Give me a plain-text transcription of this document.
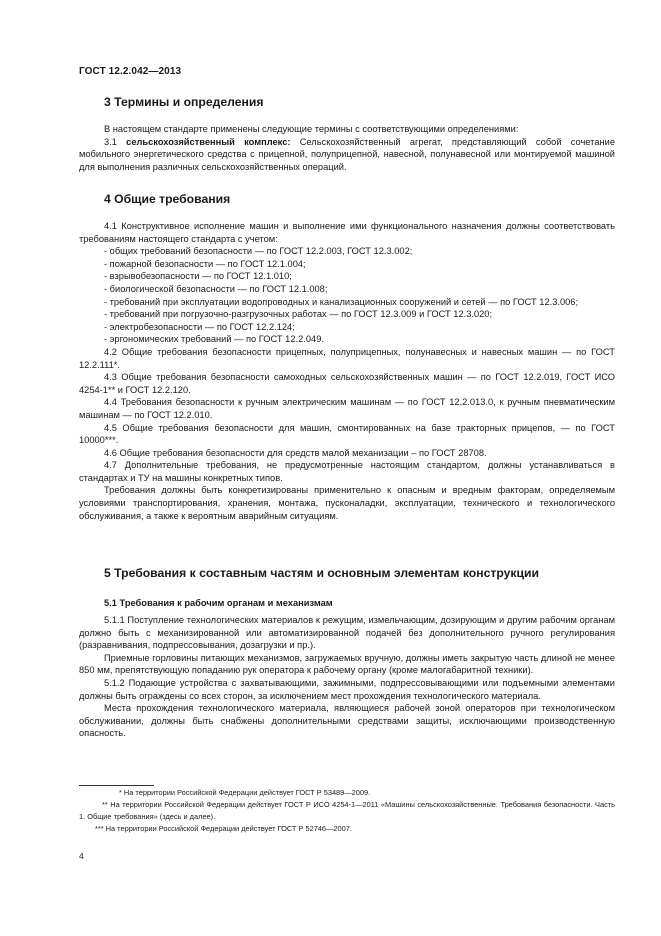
ГОСТ 12.2.042—2013
3 Термины и определения

В настоящем стандарте применены следующие термины с соответствующими определениями:

3.1 сельскохозяйственный комплекс: Сельскохозяйственный агрегат, представляющий собой сочетание мобильного энергетического средства с прицепной, полуприцепной, навесной, полунавесной или монтируемой машиной для выполнения различных сельскохозяйственных операций.

4 Общие требования

4.1 Конструктивное исполнение машин и выполнение ими функционального назначения должны соответствовать требованиям настоящего стандарта с учетом:

- общих требований безопасности — по ГОСТ 12.2.003, ГОСТ 12.3.002;

- пожарной безопасности — по ГОСТ 12.1.004;

- взрывобезопасности — по ГОСТ 12.1.010;

- биологической безопасности — по ГОСТ 12.1.008;

- требований при эксплуатации водопроводных и канализационных сооружений и сетей — по ГОСТ 12.3.006;

- требований при погрузочно-разгрузочных работах — по ГОСТ 12.3.009 и ГОСТ 12.3.020;

- электробезопасности — по ГОСТ 12.2.124;

- эргономических требований — по ГОСТ 12.2.049.

4.2 Общие требования безопасности прицепных, полуприцепных, полунавесных и навесных машин — по ГОСТ 12.2.111*.

4.3 Общие требования безопасности самоходных сельскохозяйственных машин — по ГОСТ 12.2.019, ГОСТ ИСО 4254-1** и ГОСТ 12.2.120.

4.4 Требования безопасности к ручным электрическим машинам — по ГОСТ 12.2.013.0, к ручным пневматическим машинам — по ГОСТ 12.2.010.

4.5 Общие требования безопасности для машин, смонтированных на базе тракторных прицепов, — по ГОСТ 10000***.

4.6 Общие требования безопасности для средств малой механизации – по ГОСТ 28708.

4.7 Дополнительные требования, не предусмотренные настоящим стандартом, должны устанавливаться в стандартах и ТУ на машины конкретных типов.

Требования должны быть конкретизированы применительно к опасным и вредным факторам, определяемым условиями транспортирования, хранения, монтажа, пусконаладки, эксплуатации, технического и технологического обслуживания, а также к вероятным аварийным ситуациям.

5 Требования к составным частям и основным элементам конструкции
5.1 Требования к рабочим органам и механизмам

5.1.1 Поступление технологических материалов к режущим, измельчающим, дозирующим и другим рабочим органам должно быть с механизированной или автоматизированной подачей без дополнительного ручного регулирования (разравнивания, подпрессовывания, дозагрузки и пр.).

Приемные горловины питающих механизмов, загружаемых вручную, должны иметь закрытую часть длиной не менее 850 мм, препятствующую попаданию рук оператора к рабочему органу (кроме малогабаритной техники).

5.1.2 Подающие устройства с захватывающими, зажимными, подпрессовывающими или подъемными элементами должны быть ограждены со всех сторон, за исключением мест прохождения технологического материала.

Места прохождения технологического материала, являющиеся рабочей зоной операторов при технологическом обслуживании, должны быть снабжены дополнительными средствами защиты, исключающими производственную опасность.

* На территории Российской Федерации действует ГОСТ Р 53489—2009.
** На территории Российской Федерации действует ГОСТ Р ИСО 4254-1—2011 «Машины сельскохозяйственные. Требования безопасности. Часть 1. Общие требования» (здесь и далее).
*** На территории Российской Федерации действует ГОСТ Р 52746—2007.
4
